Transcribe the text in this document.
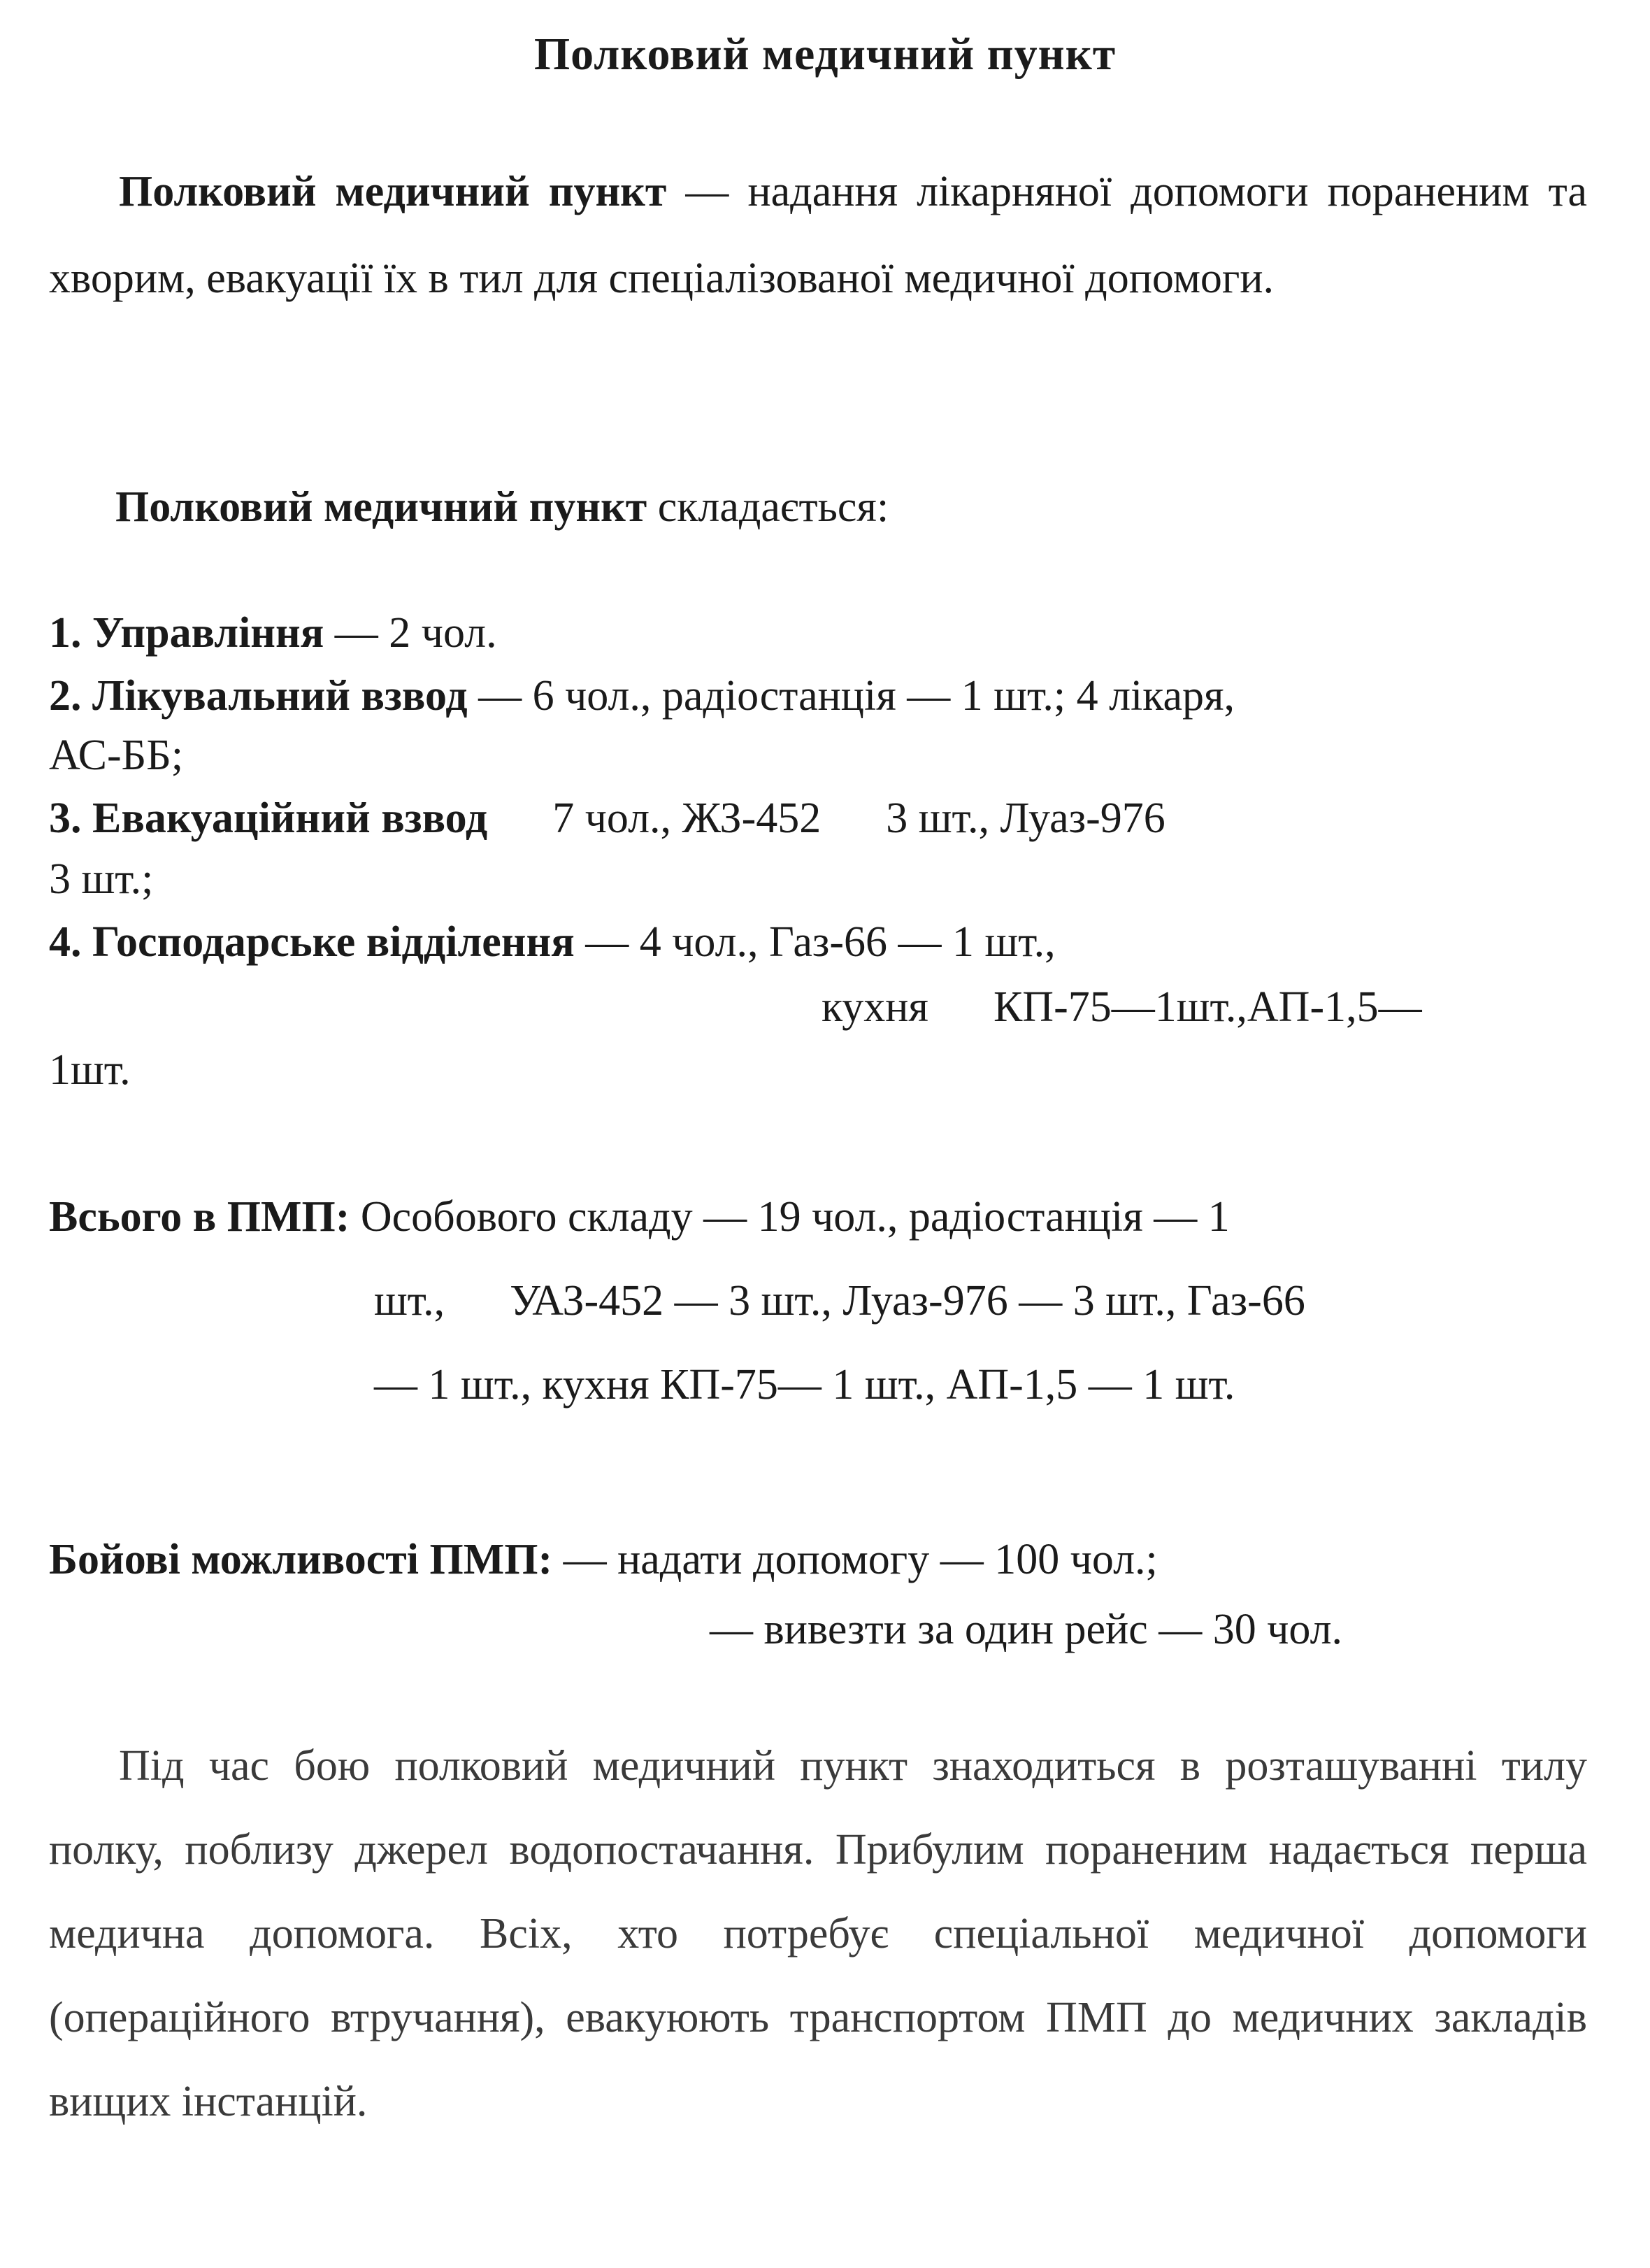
Полковий медичний пункт

Полковий медичний пункт — надання лікарняної допомоги пораненим та хворим, евакуації їх в тил для спеціалізованої медичної допомоги.

Полковий медичний пункт складається:
1. Управління — 2 чол.
2. Лікувальний взвод — 6 чол., радіостанція — 1 шт.; 4 лікаря,
АС-ББ;
3. Евакуаційний взвод      7 чол., ЖЗ-452      3 шт., Луаз-976
3 шт.;
4. Господарське відділення — 4 чол., Газ-66 — 1 шт.,
кухня      КП-75—1шт.,АП-1,5—
1шт.
Всього в ПМП: Особового складу — 19 чол., радіостанція — 1
шт.,      УАЗ-452 — 3 шт., Луаз-976 — 3 шт., Газ-66
— 1 шт., кухня КП-75— 1 шт., АП-1,5 — 1 шт.
Бойові можливості ПМП: — надати допомогу — 100 чол.;
— вивезти за один рейс — 30 чол.

Під час бою полковий медичний пункт знаходиться в розташуванні тилу полку, поблизу джерел водопостачання. Прибулим пораненим надається перша медична допомога. Всіх, хто потребує спеціальної медичної допомоги (операційного втручання), евакуюють транспортом ПМП до медичних закладів вищих інстанцій.
